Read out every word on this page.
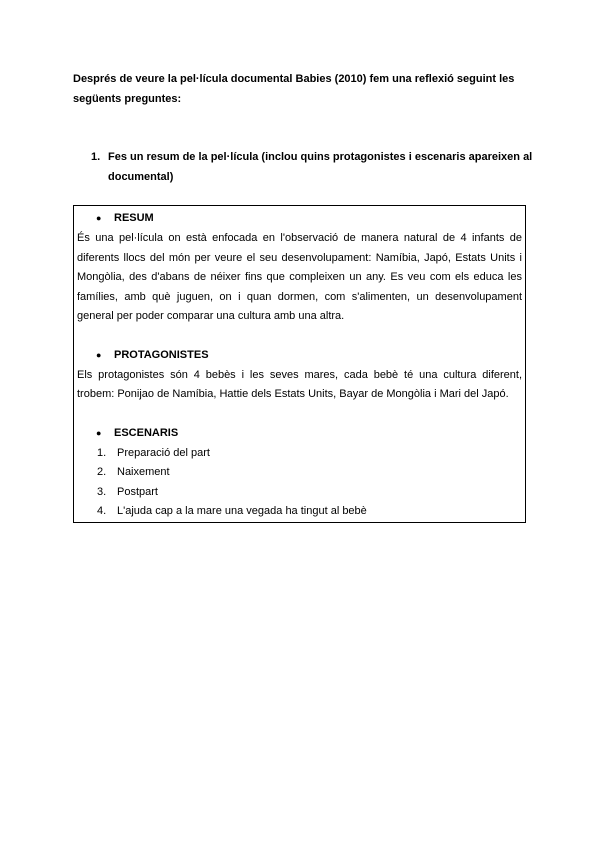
Després de veure la pel·lícula documental Babies (2010) fem una reflexió seguint les següents preguntes:

1. Fes un resum de la pel·lícula (inclou quins protagonistes i escenaris apareixen al documental)
●	RESUM

És una pel·lícula on està enfocada en l'observació de manera natural de 4 infants de diferents llocs del món per veure el seu desenvolupament: Namíbia, Japó, Estats Units i Mongòlia, des d'abans de néixer fins que compleixen un any. Es veu com els educa les famílies, amb què juguen, on i quan dormen, com s'alimenten, un desenvolupament general per poder comparar una cultura amb una altra.

●	PROTAGONISTES

Els protagonistes són 4 bebès i les seves mares, cada bebè té una cultura diferent, trobem: Ponijao de Namíbia, Hattie dels Estats Units, Bayar de Mongòlia i Mari del Japó.

●	ESCENARIS
1. Preparació del part
2. Naixement
3. Postpart
4. L'ajuda cap a la mare una vegada ha tingut al bebè
